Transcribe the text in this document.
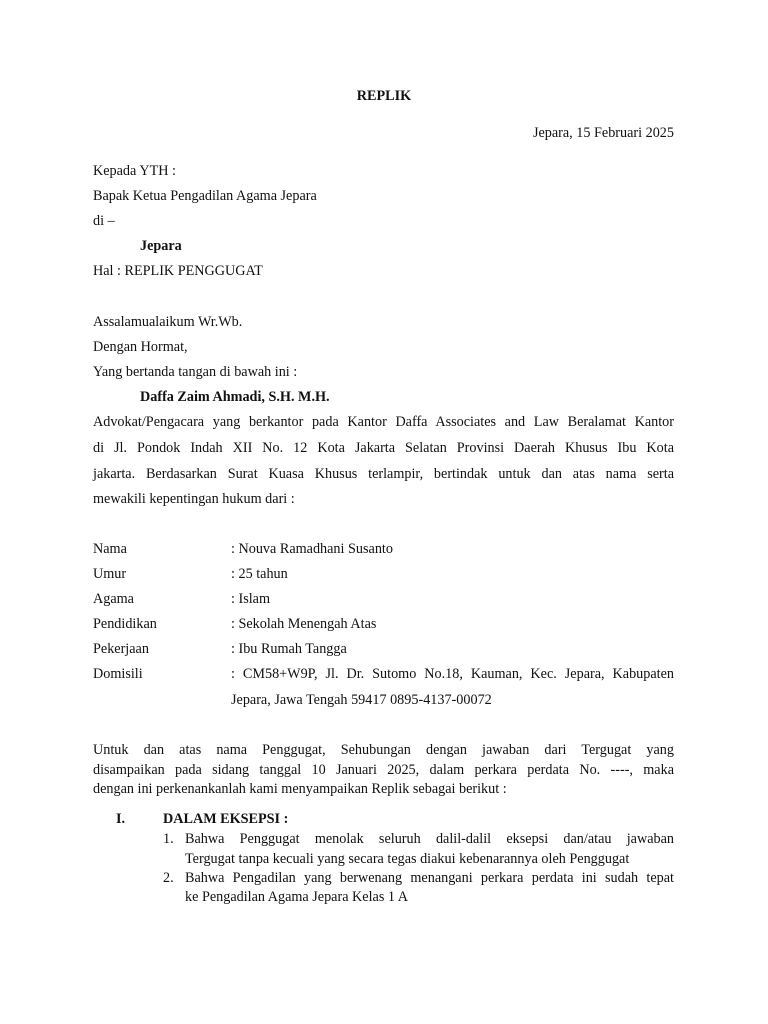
REPLIK
Jepara, 15 Februari 2025
Kepada YTH :
Bapak Ketua Pengadilan Agama Jepara
di –
Jepara
Hal : REPLIK PENGGUGAT
Assalamualaikum Wr.Wb.
Dengan Hormat,
Yang bertanda tangan di bawah ini :
Daffa Zaim Ahmadi, S.H. M.H.
Advokat/Pengacara yang berkantor pada Kantor Daffa Associates and Law Beralamat Kantor
di Jl. Pondok Indah XII No. 12 Kota Jakarta Selatan Provinsi Daerah Khusus Ibu Kota
jakarta. Berdasarkan Surat Kuasa Khusus terlampir, bertindak untuk dan atas nama serta
mewakili kepentingan hukum dari :
Nama	: Nouva Ramadhani Susanto
Umur	: 25 tahun
Agama	: Islam
Pendidikan	: Sekolah Menengah Atas
Pekerjaan	: Ibu Rumah Tangga
Domisili	: CM58+W9P, Jl. Dr. Sutomo No.18, Kauman, Kec. Jepara, Kabupaten
Jepara, Jawa Tengah 59417 0895-4137-00072
Untuk dan atas nama Penggugat, Sehubungan dengan jawaban dari Tergugat yang
disampaikan pada sidang tanggal 10 Januari 2025, dalam perkara perdata No. ----, maka
dengan ini perkenankanlah kami menyampaikan Replik sebagai berikut :
I.	DALAM EKSEPSI :
1. Bahwa Penggugat menolak seluruh dalil-dalil eksepsi dan/atau jawaban
Tergugat tanpa kecuali yang secara tegas diakui kebenarannya oleh Penggugat
2. Bahwa Pengadilan yang berwenang menangani perkara perdata ini sudah tepat
ke Pengadilan Agama Jepara Kelas 1 A
